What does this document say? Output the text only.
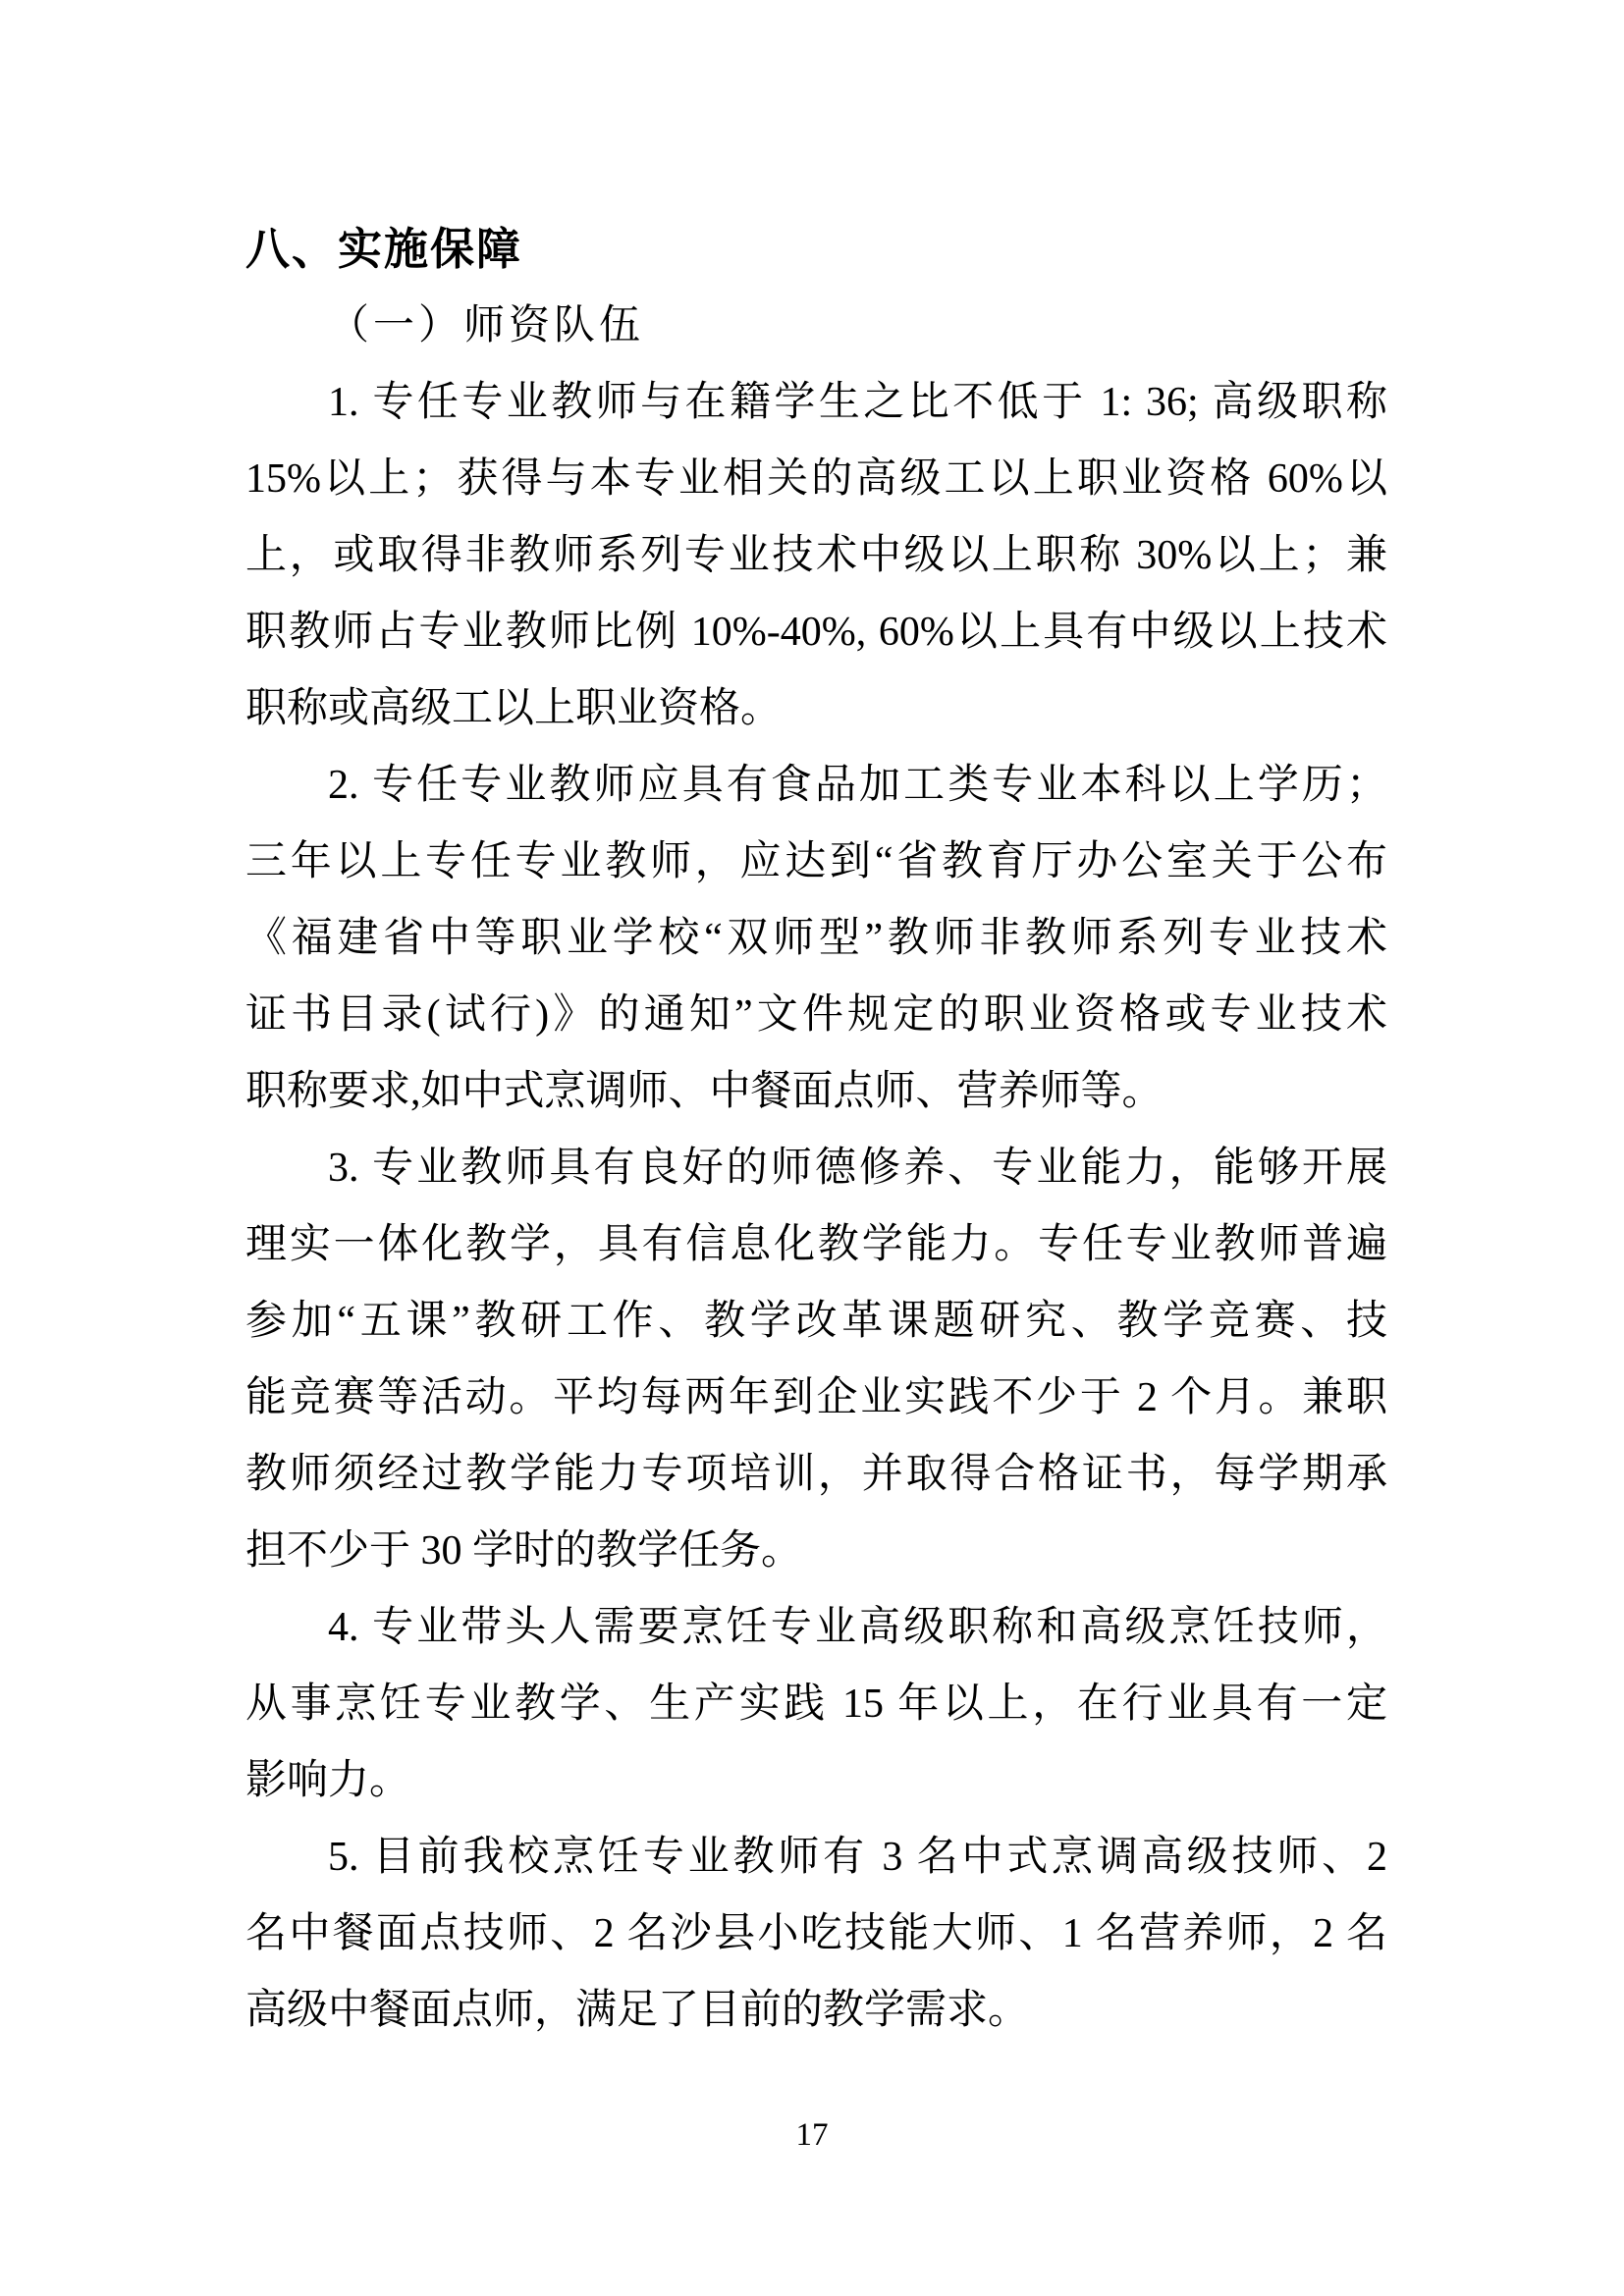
八、实施保障
（一）师资队伍
1. 专任专业教师与在籍学生之比不低于 1: 36; 高级职称
15%以上；获得与本专业相关的高级工以上职业资格 60%以
上，或取得非教师系列专业技术中级以上职称 30%以上；兼
职教师占专业教师比例 10%-40%, 60%以上具有中级以上技术
职称或高级工以上职业资格。
2. 专任专业教师应具有食品加工类专业本科以上学历；
三年以上专任专业教师，应达到“省教育厅办公室关于公布
《福建省中等职业学校“双师型”教师非教师系列专业技术
证书目录(试行)》的通知”文件规定的职业资格或专业技术
职称要求,如中式烹调师、中餐面点师、营养师等。
3. 专业教师具有良好的师德修养、专业能力，能够开展
理实一体化教学，具有信息化教学能力。专任专业教师普遍
参加“五课”教研工作、教学改革课题研究、教学竞赛、技
能竞赛等活动。平均每两年到企业实践不少于 2 个月。兼职
教师须经过教学能力专项培训，并取得合格证书，每学期承
担不少于 30 学时的教学任务。
4. 专业带头人需要烹饪专业高级职称和高级烹饪技师，
从事烹饪专业教学、生产实践 15 年以上，在行业具有一定
影响力。
5. 目前我校烹饪专业教师有 3 名中式烹调高级技师、2
名中餐面点技师、2 名沙县小吃技能大师、1 名营养师，2 名
高级中餐面点师，满足了目前的教学需求。
17
